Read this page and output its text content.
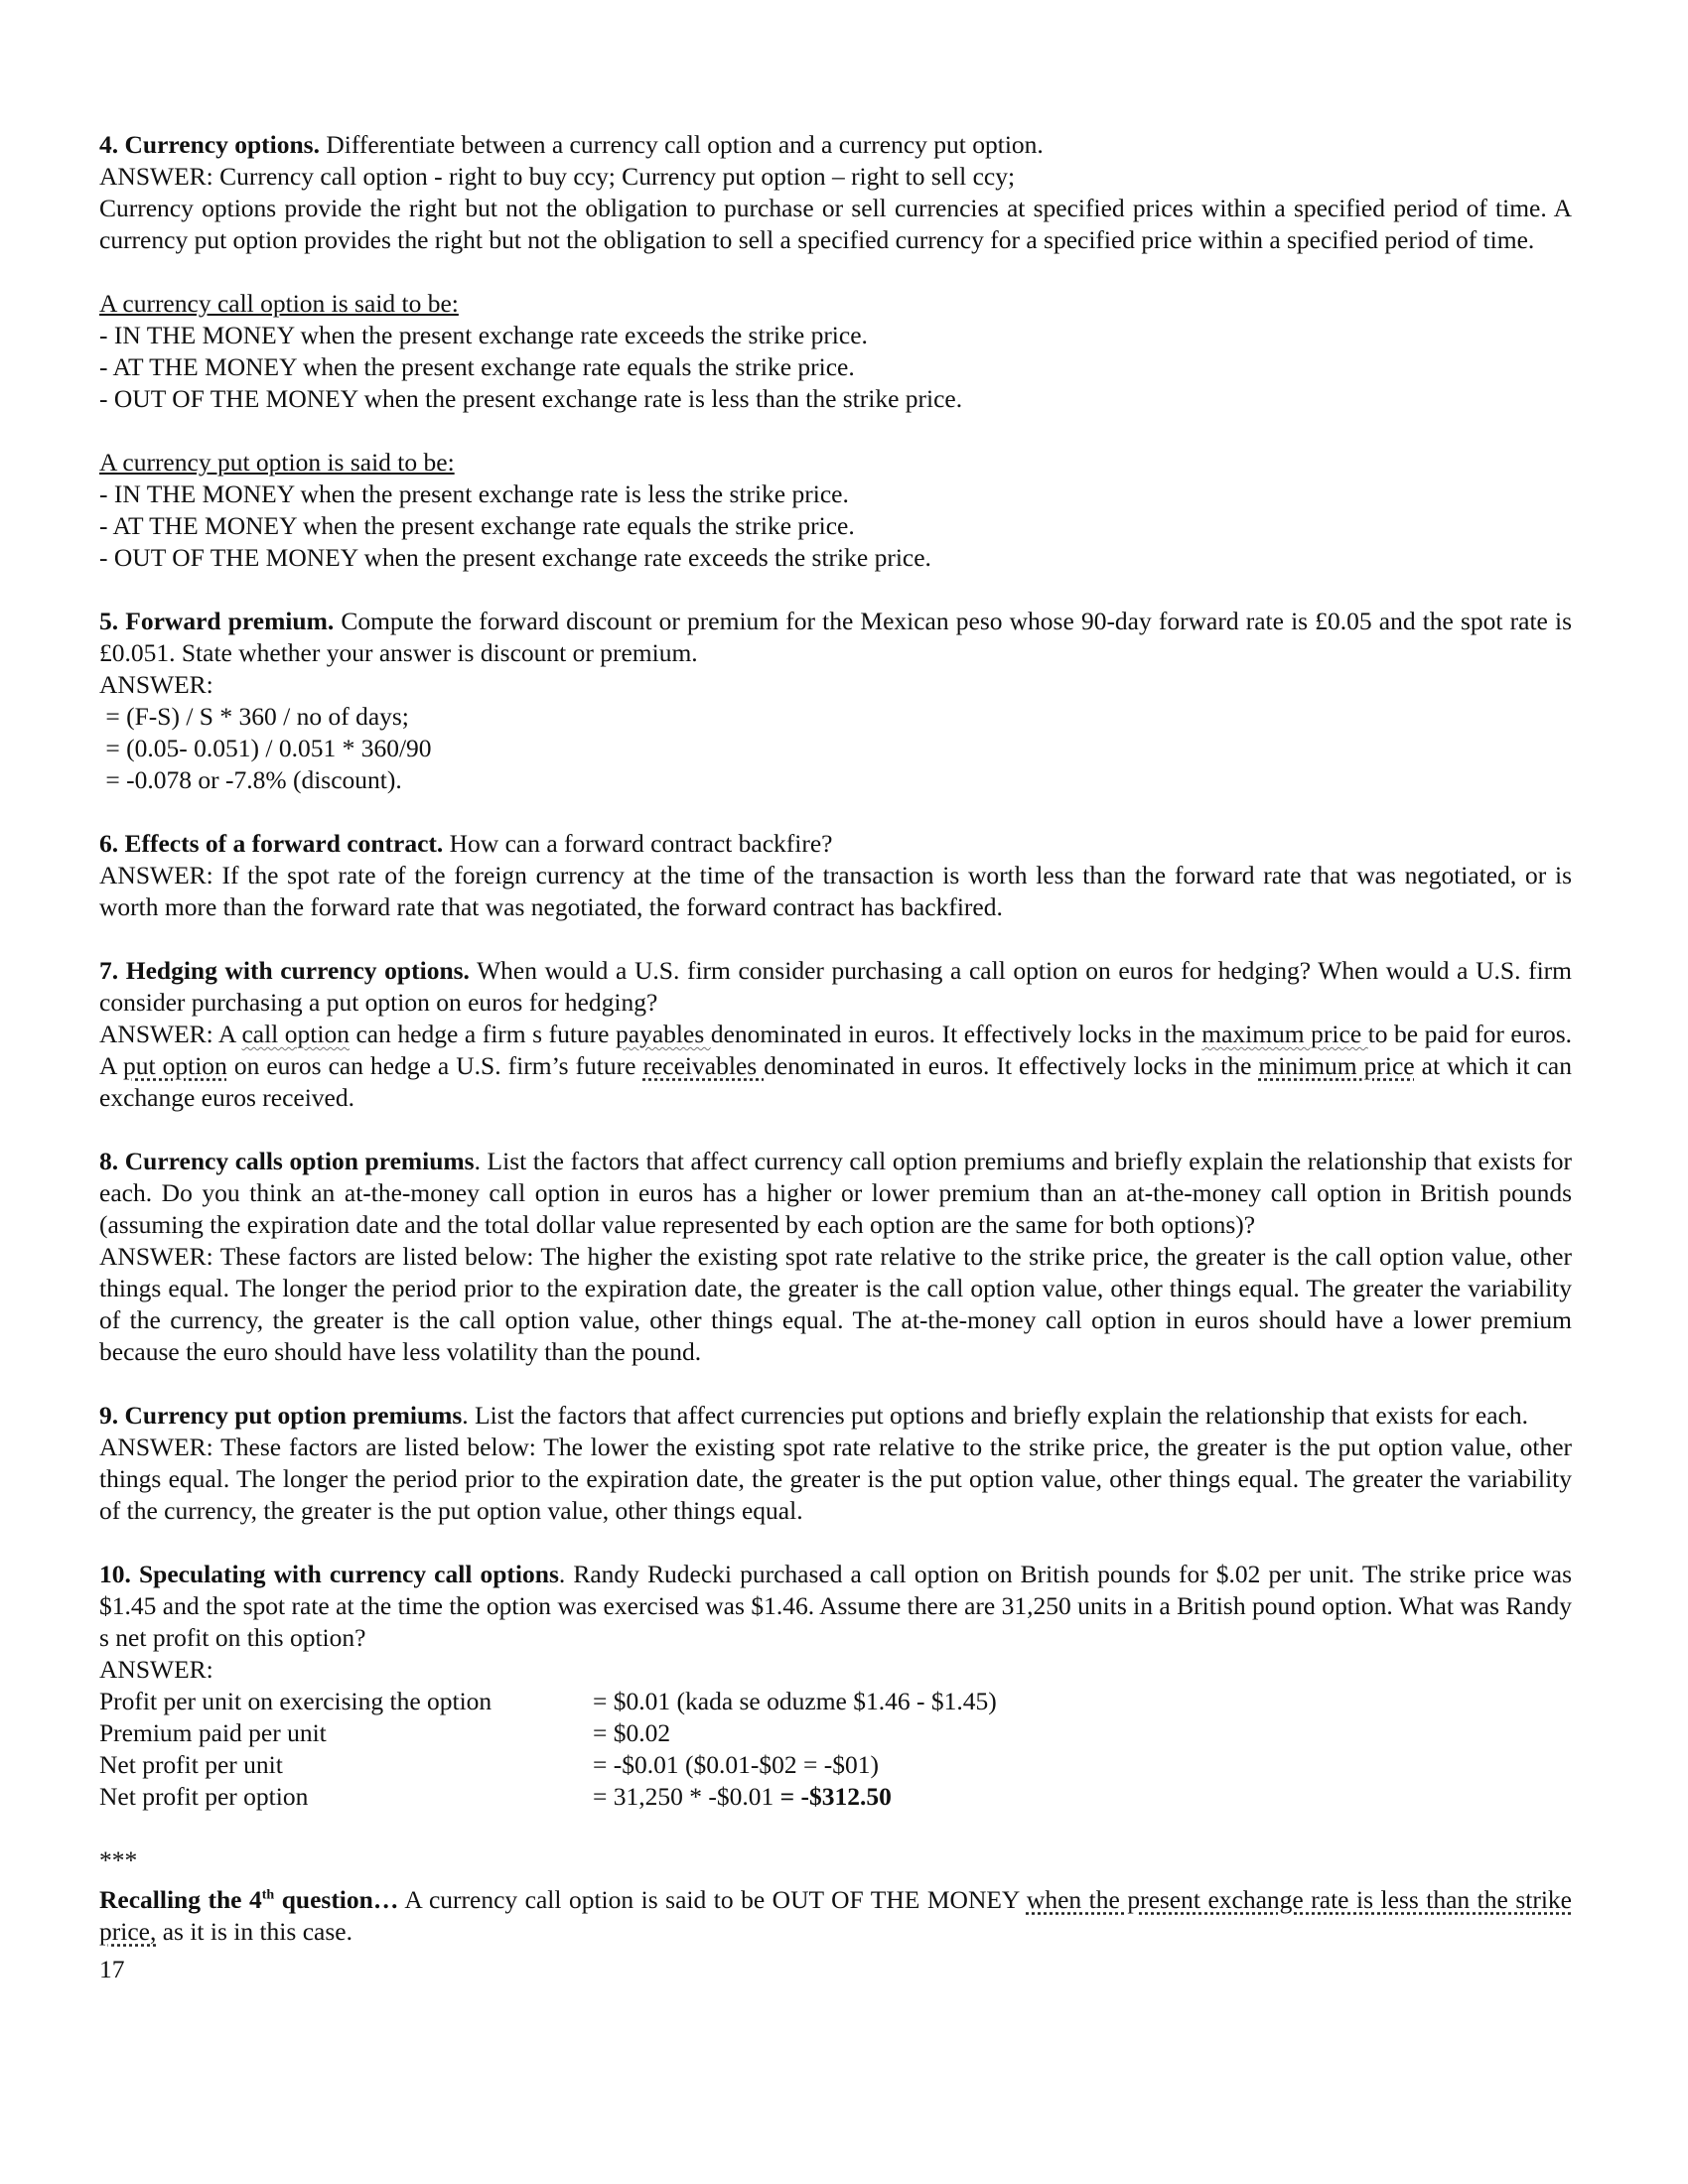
4. Currency options. Differentiate between a currency call option and a currency put option.

ANSWER: Currency call option - right to buy ccy; Currency put option – right to sell ccy;

Currency options provide the right but not the obligation to purchase or sell currencies at specified prices within a specified period of time. A currency put option provides the right but not the obligation to sell a specified currency for a specified price within a specified period of time.

A currency call option is said to be:

- IN THE MONEY when the present exchange rate exceeds the strike price.

- AT THE MONEY when the present exchange rate equals the strike price.

- OUT OF THE MONEY when the present exchange rate is less than the strike price.

A currency put option is said to be:

- IN THE MONEY when the present exchange rate is less the strike price.

- AT THE MONEY when the present exchange rate equals the strike price.

- OUT OF THE MONEY when the present exchange rate exceeds the strike price.

5. Forward premium. Compute the forward discount or premium for the Mexican peso whose 90-day forward rate is £0.05 and the spot rate is £0.051. State whether your answer is discount or premium.

ANSWER:

= (F-S) / S * 360 / no of days;

= (0.05- 0.051) / 0.051 * 360/90

= -0.078 or -7.8% (discount).

6. Effects of a forward contract. How can a forward contract backfire?

ANSWER: If the spot rate of the foreign currency at the time of the transaction is worth less than the forward rate that was negotiated, or is worth more than the forward rate that was negotiated, the forward contract has backfired.

7. Hedging with currency options. When would a U.S. firm consider purchasing a call option on euros for hedging? When would a U.S. firm consider purchasing a put option on euros for hedging?

ANSWER: A call option can hedge a firm s future payables denominated in euros. It effectively locks in the maximum price to be paid for euros. A put option on euros can hedge a U.S. firm’s future receivables denominated in euros. It effectively locks in the minimum price at which it can exchange euros received.

8. Currency calls option premiums. List the factors that affect currency call option premiums and briefly explain the relationship that exists for each. Do you think an at-the-money call option in euros has a higher or lower premium than an at-the-money call option in British pounds (assuming the expiration date and the total dollar value represented by each option are the same for both options)?

ANSWER: These factors are listed below: The higher the existing spot rate relative to the strike price, the greater is the call option value, other things equal. The longer the period prior to the expiration date, the greater is the call option value, other things equal. The greater the variability of the currency, the greater is the call option value, other things equal. The at-the-money call option in euros should have a lower premium because the euro should have less volatility than the pound.

9. Currency put option premiums. List the factors that affect currencies put options and briefly explain the relationship that exists for each.

ANSWER: These factors are listed below: The lower the existing spot rate relative to the strike price, the greater is the put option value, other things equal. The longer the period prior to the expiration date, the greater is the put option value, other things equal. The greater the variability of the currency, the greater is the put option value, other things equal.

10. Speculating with currency call options. Randy Rudecki purchased a call option on British pounds for $.02 per unit. The strike price was $1.45 and the spot rate at the time the option was exercised was $1.46. Assume there are 31,250 units in a British pound option. What was Randy s net profit on this option?

ANSWER:

Profit per unit on exercising the option	= $0.01 (kada se oduzme $1.46 - $1.45)
Premium paid per unit	= $0.02
Net profit per unit	= -$0.01 ($0.01-$02 = -$01)
Net profit per option	= 31,250 * -$0.01 = -$312.50

***

Recalling the 4th question… A currency call option is said to be OUT OF THE MONEY when the present exchange rate is less than the strike price, as it is in this case.

17
